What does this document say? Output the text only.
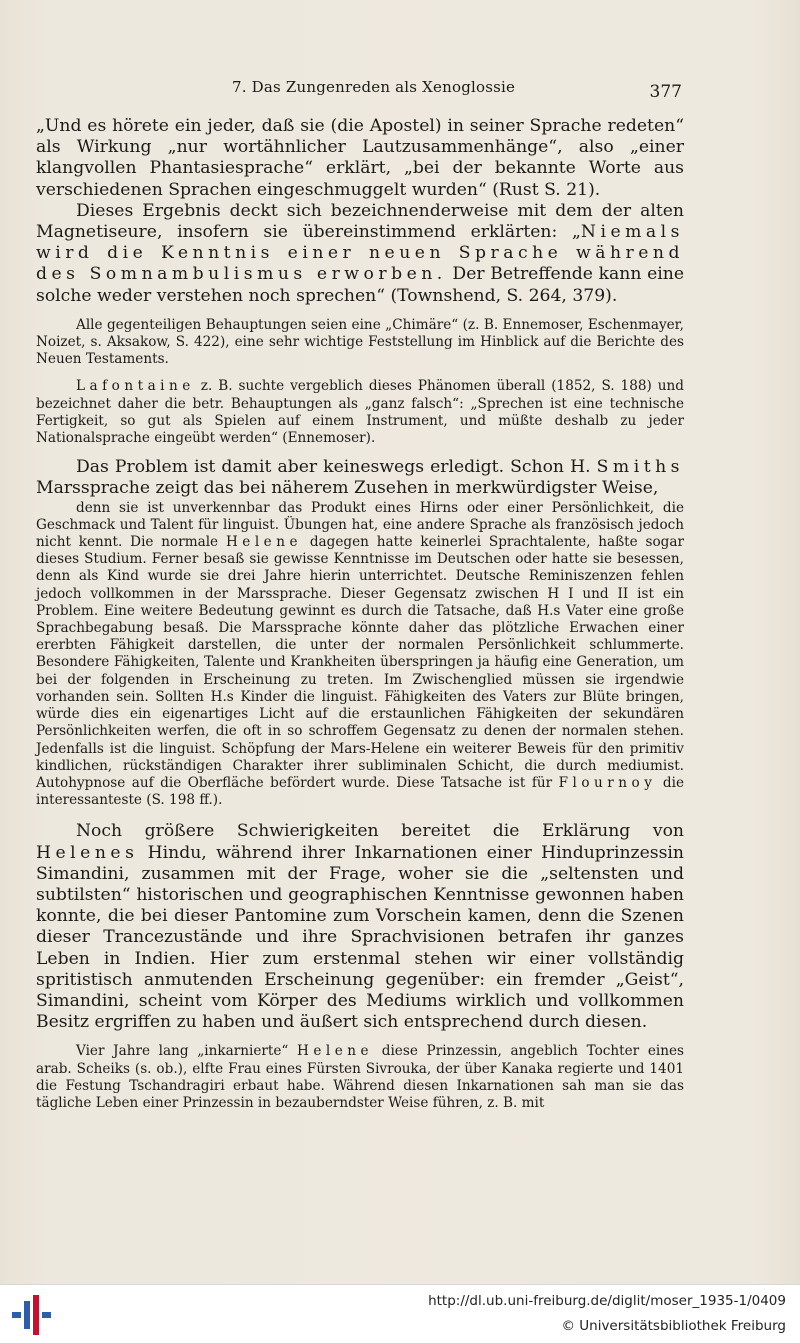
7. Das Zungenreden als Xenoglossie	377

„Und es hörete ein jeder, daß sie (die Apostel) in seiner Sprache redeten“ als Wirkung „nur wortähnlicher Lautzusammenhänge“, also „einer klangvollen Phantasiesprache“ erklärt, „bei der bekannte Worte aus verschiedenen Sprachen eingeschmuggelt wurden“ (Rust S. 21).

Dieses Ergebnis deckt sich bezeichnenderweise mit dem der alten Magnetiseure, insofern sie übereinstimmend erklärten: „Niemals wird die Kenntnis einer neuen Sprache während des Somnambulismus erworben. Der Betreffende kann eine solche weder verstehen noch sprechen“ (Townshend, S. 264, 379).

Alle gegenteiligen Behauptungen seien eine „Chimäre“ (z. B. Ennemoser, Eschenmayer, Noizet, s. Aksakow, S. 422), eine sehr wichtige Feststellung im Hinblick auf die Berichte des Neuen Testaments.

Lafontaine z. B. suchte vergeblich dieses Phänomen überall (1852, S. 188) und bezeichnet daher die betr. Behauptungen als „ganz falsch“: „Sprechen ist eine technische Fertigkeit, so gut als Spielen auf einem Instrument, und müßte deshalb zu jeder Nationalsprache eingeübt werden“ (Ennemoser).

Das Problem ist damit aber keineswegs erledigt. Schon H. Smiths Marssprache zeigt das bei näherem Zusehen in merkwürdigster Weise,

denn sie ist unverkennbar das Produkt eines Hirns oder einer Persönlichkeit, die Geschmack und Talent für linguist. Übungen hat, eine andere Sprache als französisch jedoch nicht kennt. Die normale Helene dagegen hatte keinerlei Sprachtalente, haßte sogar dieses Studium. Ferner besaß sie gewisse Kenntnisse im Deutschen oder hatte sie besessen, denn als Kind wurde sie drei Jahre hierin unterrichtet. Deutsche Reminiszenzen fehlen jedoch vollkommen in der Marssprache. Dieser Gegensatz zwischen H I und II ist ein Problem. Eine weitere Bedeutung gewinnt es durch die Tatsache, daß H.s Vater eine große Sprachbegabung besaß. Die Marssprache könnte daher das plötzliche Erwachen einer ererbten Fähigkeit darstellen, die unter der normalen Persönlichkeit schlummerte. Besondere Fähigkeiten, Talente und Krankheiten überspringen ja häufig eine Generation, um bei der folgenden in Erscheinung zu treten. Im Zwischenglied müssen sie irgendwie vorhanden sein. Sollten H.s Kinder die linguist. Fähigkeiten des Vaters zur Blüte bringen, würde dies ein eigenartiges Licht auf die erstaunlichen Fähigkeiten der sekundären Persönlichkeiten werfen, die oft in so schroffem Gegensatz zu denen der normalen stehen. Jedenfalls ist die linguist. Schöpfung der Mars-Helene ein weiterer Beweis für den primitiv kindlichen, rückständigen Charakter ihrer subliminalen Schicht, die durch mediumist. Autohypnose auf die Oberfläche befördert wurde. Diese Tatsache ist für Flournoy die interessanteste (S. 198 ff.).

Noch größere Schwierigkeiten bereitet die Erklärung von Helenes Hindu, während ihrer Inkarnationen einer Hinduprinzessin Simandini, zusammen mit der Frage, woher sie die „seltensten und subtilsten“ historischen und geographischen Kenntnisse gewonnen haben konnte, die bei dieser Pantomine zum Vorschein kamen, denn die Szenen dieser Trancezustände und ihre Sprachvisionen betrafen ihr ganzes Leben in Indien. Hier zum erstenmal stehen wir einer vollständig spritistisch anmutenden Erscheinung gegenüber: ein fremder „Geist“, Simandini, scheint vom Körper des Mediums wirklich und vollkommen Besitz ergriffen zu haben und äußert sich entsprechend durch diesen.

Vier Jahre lang „inkarnierte“ Helene diese Prinzessin, angeblich Tochter eines arab. Scheiks (s. ob.), elfte Frau eines Fürsten Sivrouka, der über Kanaka regierte und 1401 die Festung Tschandragiri erbaut habe. Während diesen Inkarnationen sah man sie das tägliche Leben einer Prinzessin in bezauberndster Weise führen, z. B. mit

http://dl.ub.uni-freiburg.de/diglit/moser_1935-1/0409
© Universitätsbibliothek Freiburg
